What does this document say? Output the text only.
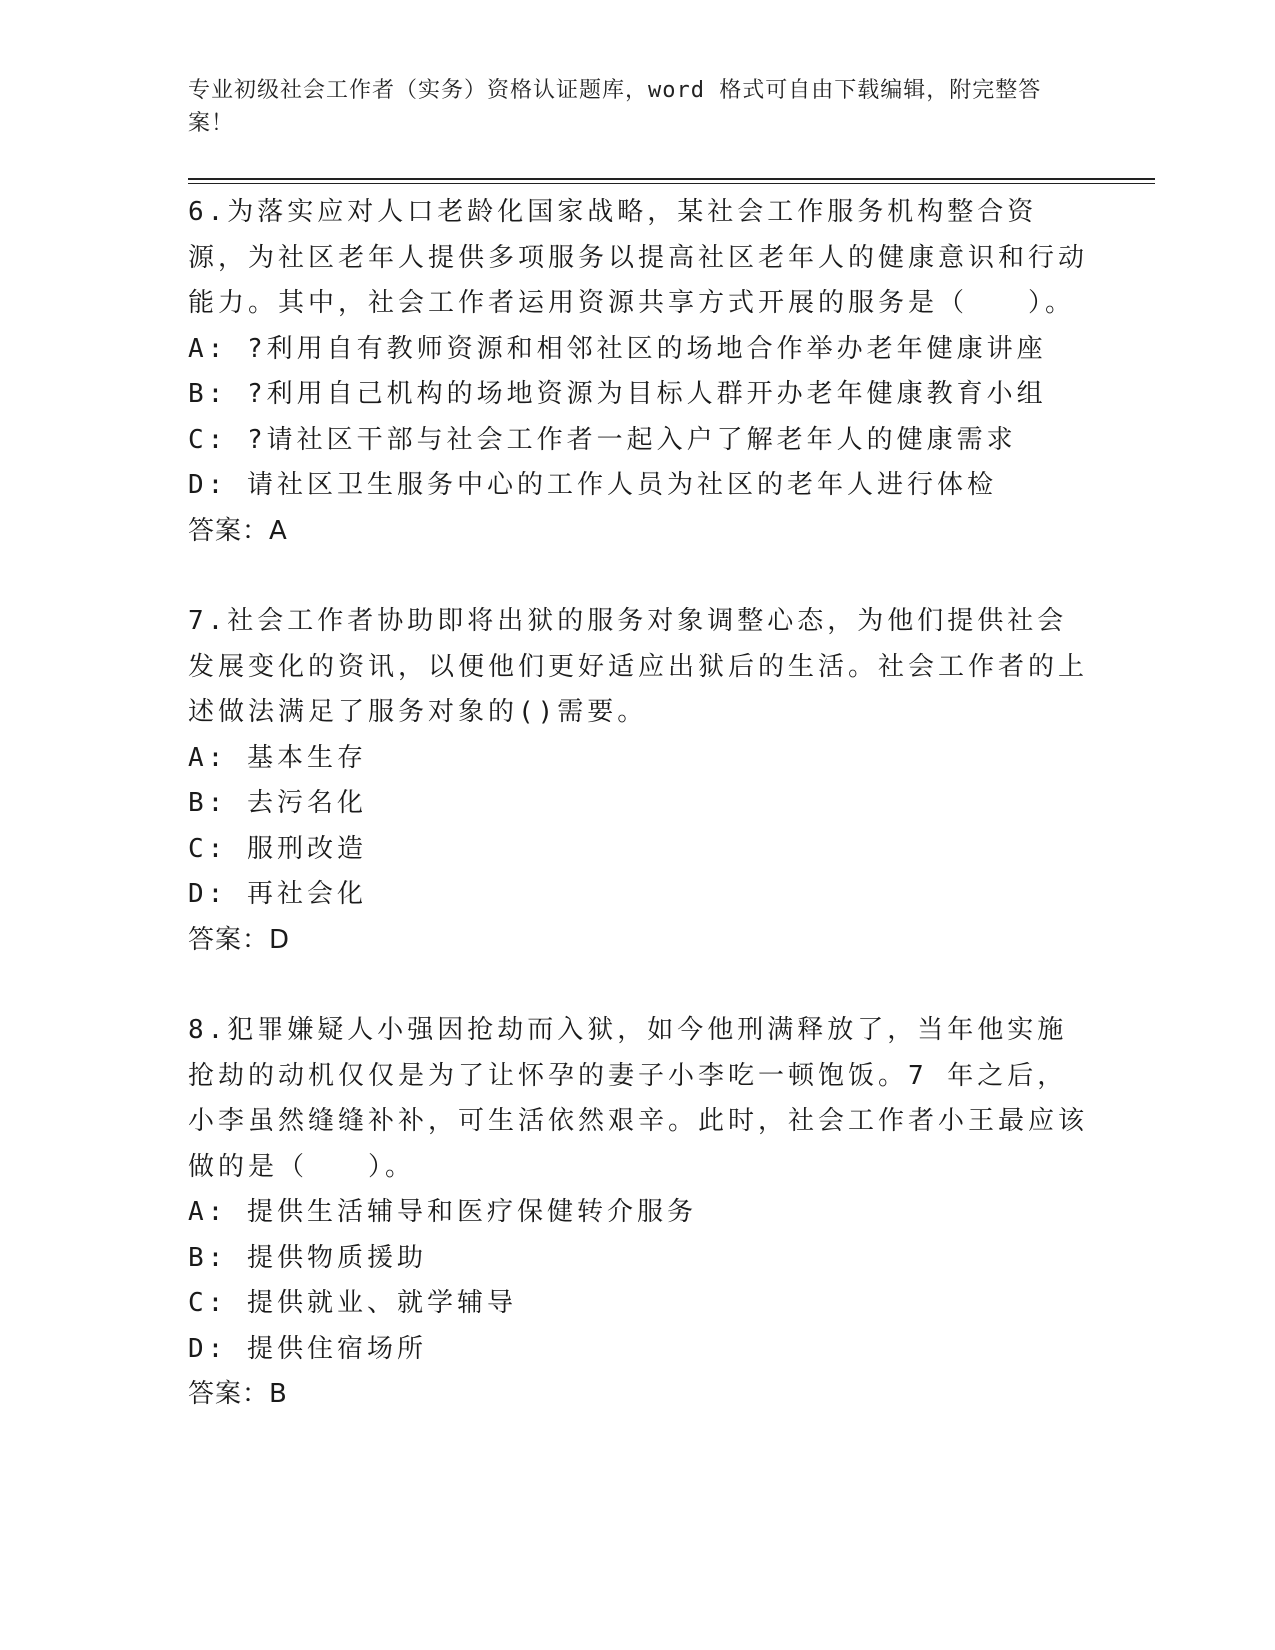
专业初级社会工作者（实务）资格认证题库，word 格式可自由下载编辑，附完整答案！

6.为落实应对人口老龄化国家战略，某社会工作服务机构整合资源，为社区老年人提供多项服务以提高社区老年人的健康意识和行动能力。其中，社会工作者运用资源共享方式开展的服务是（　　）。

A: ?利用自有教师资源和相邻社区的场地合作举办老年健康讲座

B: ?利用自己机构的场地资源为目标人群开办老年健康教育小组

C: ?请社区干部与社会工作者一起入户了解老年人的健康需求

D: 请社区卫生服务中心的工作人员为社区的老年人进行体检

答案：A

7.社会工作者协助即将出狱的服务对象调整心态，为他们提供社会发展变化的资讯，以便他们更好适应出狱后的生活。社会工作者的上述做法满足了服务对象的()需要。

A: 基本生存

B: 去污名化

C: 服刑改造

D: 再社会化

答案：D

8.犯罪嫌疑人小强因抢劫而入狱，如今他刑满释放了，当年他实施抢劫的动机仅仅是为了让怀孕的妻子小李吃一顿饱饭。7 年之后，小李虽然缝缝补补，可生活依然艰辛。此时，社会工作者小王最应该做的是（　　）。

A: 提供生活辅导和医疗保健转介服务

B: 提供物质援助

C: 提供就业、就学辅导

D: 提供住宿场所

答案：B
